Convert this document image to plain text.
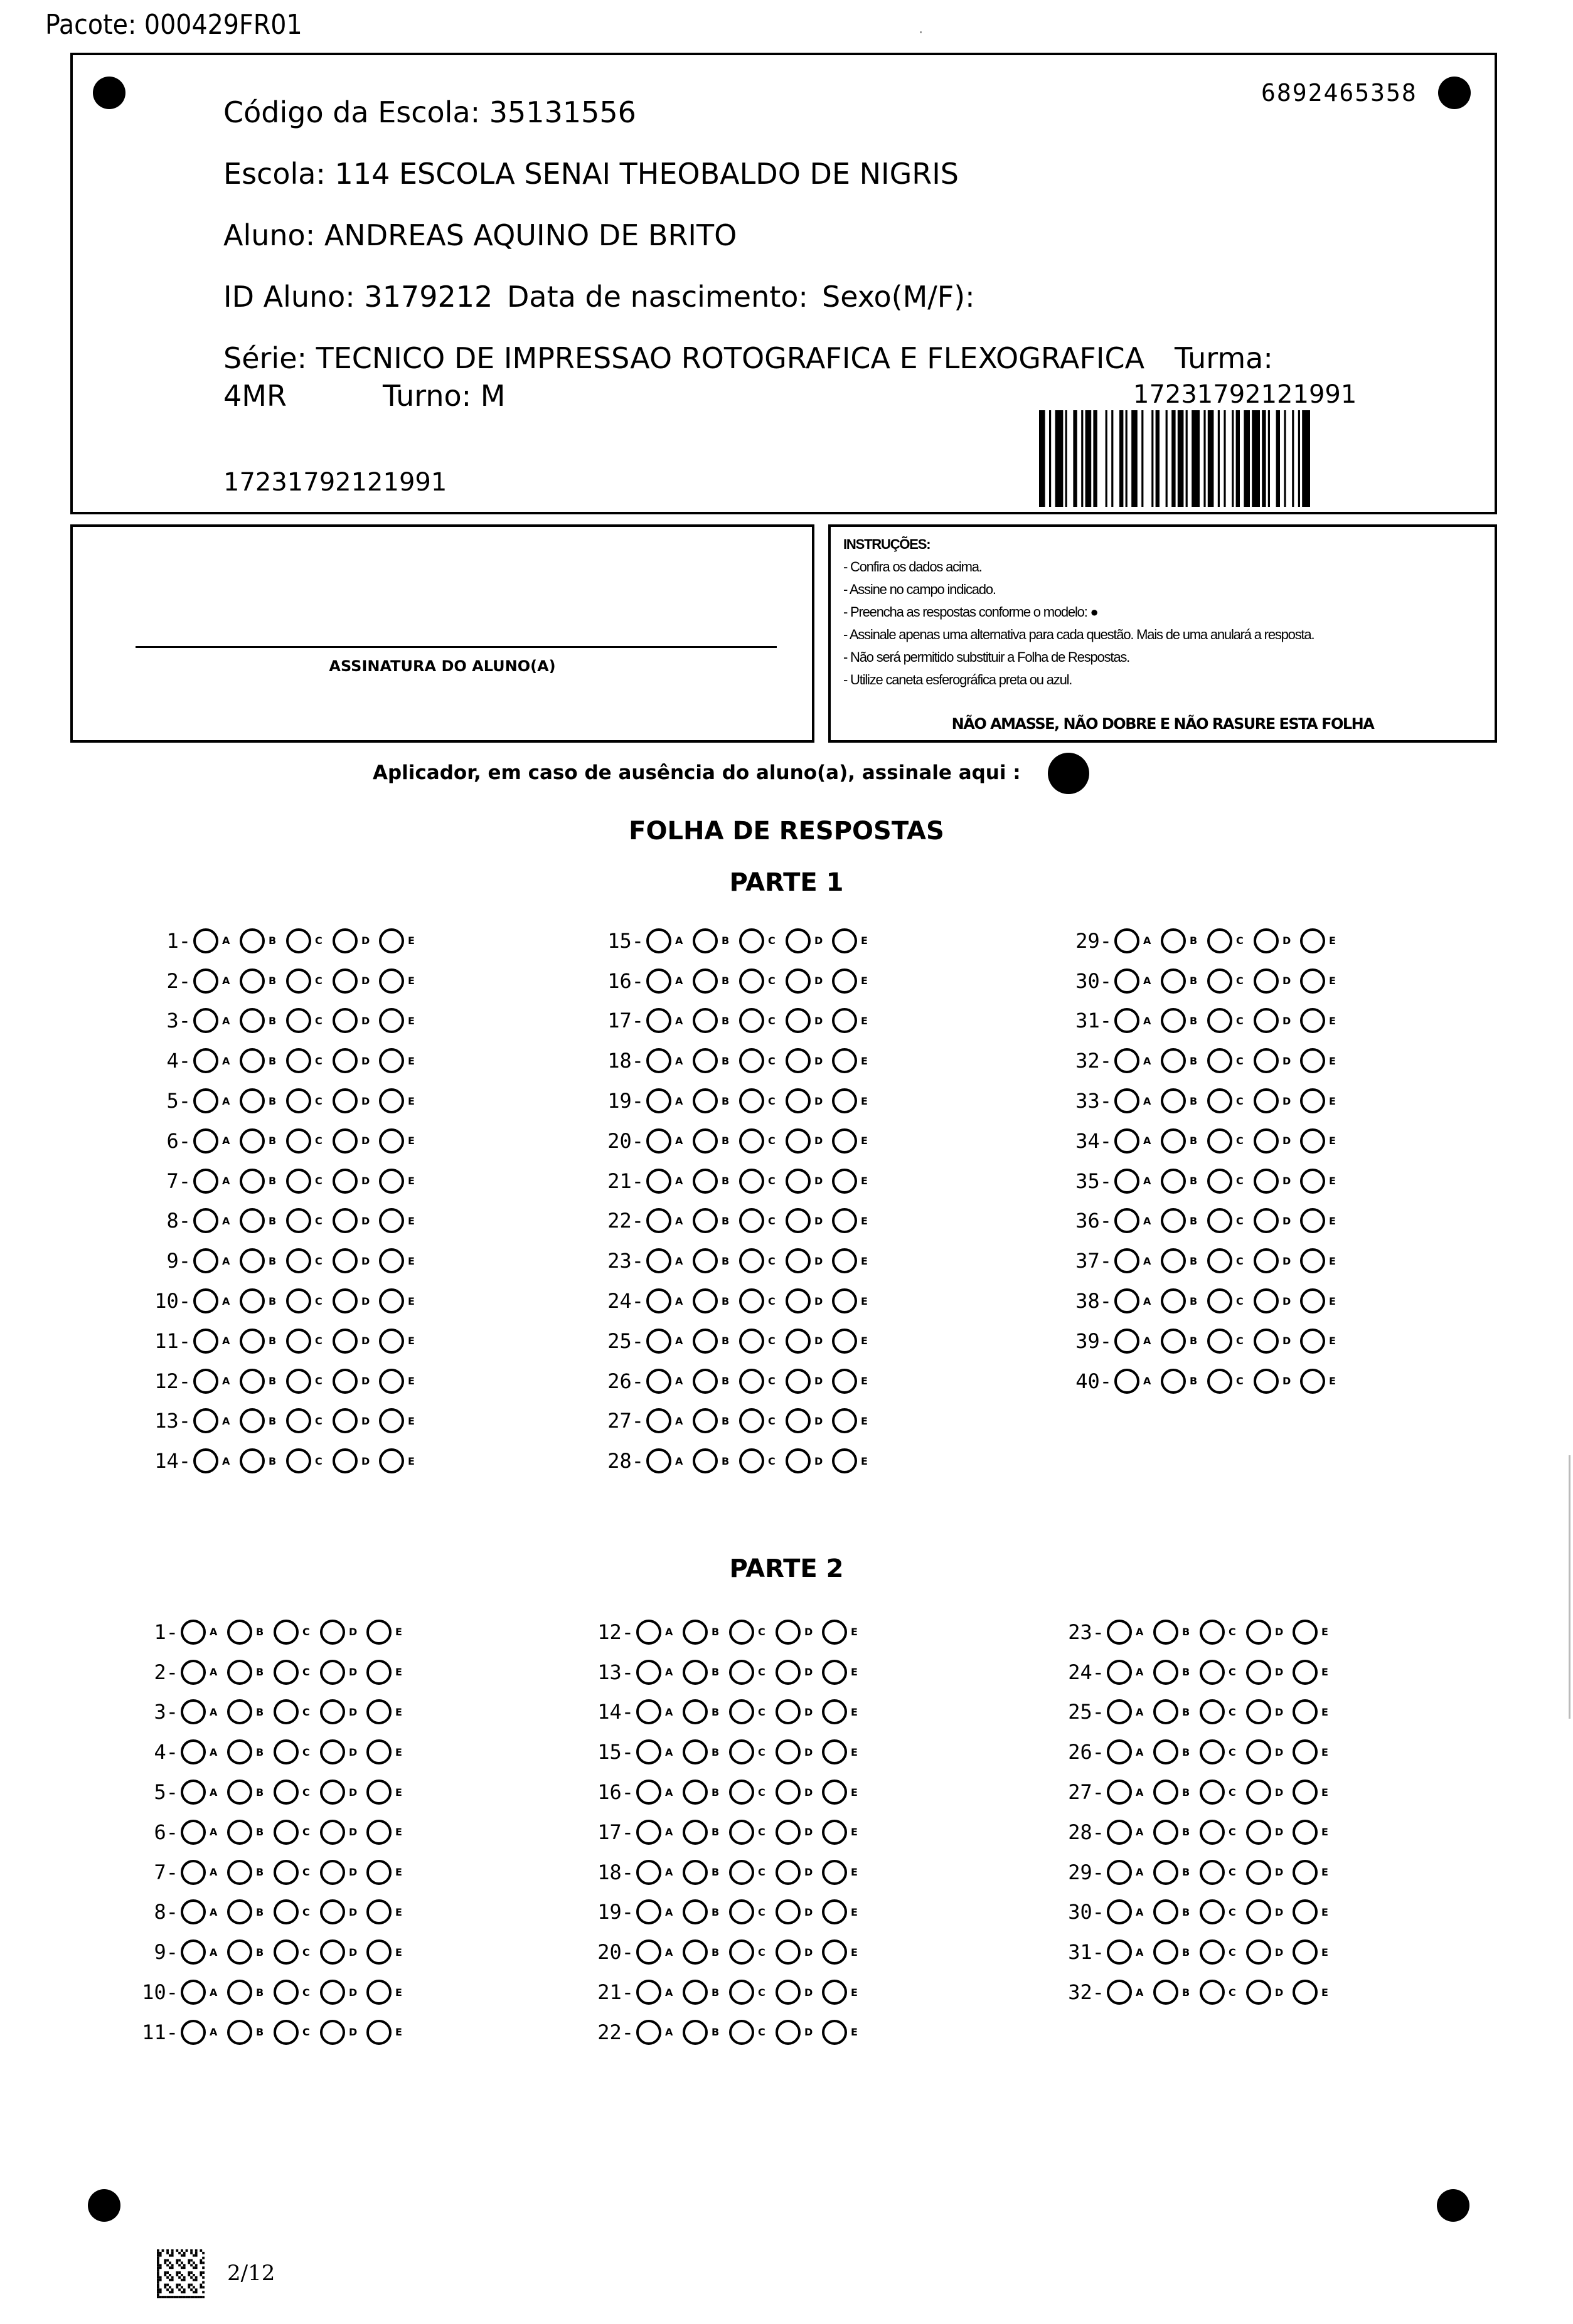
Pacote: 000429FR01
6892465358
Código da Escola: 35131556
Escola: 114 ESCOLA SENAI THEOBALDO DE NIGRIS
Aluno: ANDREAS AQUINO DE BRITO
ID Aluno: 3179212 Data de nascimento: Sexo(M/F):
Série: TECNICO DE IMPRESSAO ROTOGRAFICA E FLEXOGRAFICA Turma:
4MR	Turno: M	17231792121991
17231792121991
ASSINATURA DO ALUNO(A)
INSTRUÇÕES:
- Confira os dados acima.
- Assine no campo indicado.
- Preencha as respostas conforme o modelo: ●
- Assinale apenas uma alternativa para cada questão. Mais de uma anulará a resposta.
- Não será permitido substituir a Folha de Respostas.
- Utilize caneta esferográfica preta ou azul.
NÃO AMASSE, NÃO DOBRE E NÃO RASURE ESTA FOLHA
Aplicador, em caso de ausência do aluno(a), assinale aqui :
FOLHA DE RESPOSTAS
PARTE 1
PARTE 2
1-	A	B	C	D	E
2-	A	B	C	D	E
3-	A	B	C	D	E
4-	A	B	C	D	E
5-	A	B	C	D	E
6-	A	B	C	D	E
7-	A	B	C	D	E
8-	A	B	C	D	E
9-	A	B	C	D	E
10-	A	B	C	D	E
11-	A	B	C	D	E
12-	A	B	C	D	E
13-	A	B	C	D	E
14-	A	B	C	D	E
15-	A	B	C	D	E
16-	A	B	C	D	E
17-	A	B	C	D	E
18-	A	B	C	D	E
19-	A	B	C	D	E
20-	A	B	C	D	E
21-	A	B	C	D	E
22-	A	B	C	D	E
23-	A	B	C	D	E
24-	A	B	C	D	E
25-	A	B	C	D	E
26-	A	B	C	D	E
27-	A	B	C	D	E
28-	A	B	C	D	E
29-	A	B	C	D	E
30-	A	B	C	D	E
31-	A	B	C	D	E
32-	A	B	C	D	E
33-	A	B	C	D	E
34-	A	B	C	D	E
35-	A	B	C	D	E
36-	A	B	C	D	E
37-	A	B	C	D	E
38-	A	B	C	D	E
39-	A	B	C	D	E
40-	A	B	C	D	E
1-	A	B	C	D	E
2-	A	B	C	D	E
3-	A	B	C	D	E
4-	A	B	C	D	E
5-	A	B	C	D	E
6-	A	B	C	D	E
7-	A	B	C	D	E
8-	A	B	C	D	E
9-	A	B	C	D	E
10-	A	B	C	D	E
11-	A	B	C	D	E
12-	A	B	C	D	E
13-	A	B	C	D	E
14-	A	B	C	D	E
15-	A	B	C	D	E
16-	A	B	C	D	E
17-	A	B	C	D	E
18-	A	B	C	D	E
19-	A	B	C	D	E
20-	A	B	C	D	E
21-	A	B	C	D	E
22-	A	B	C	D	E
23-	A	B	C	D	E
24-	A	B	C	D	E
25-	A	B	C	D	E
26-	A	B	C	D	E
27-	A	B	C	D	E
28-	A	B	C	D	E
29-	A	B	C	D	E
30-	A	B	C	D	E
31-	A	B	C	D	E
32-	A	B	C	D	E
2/12
